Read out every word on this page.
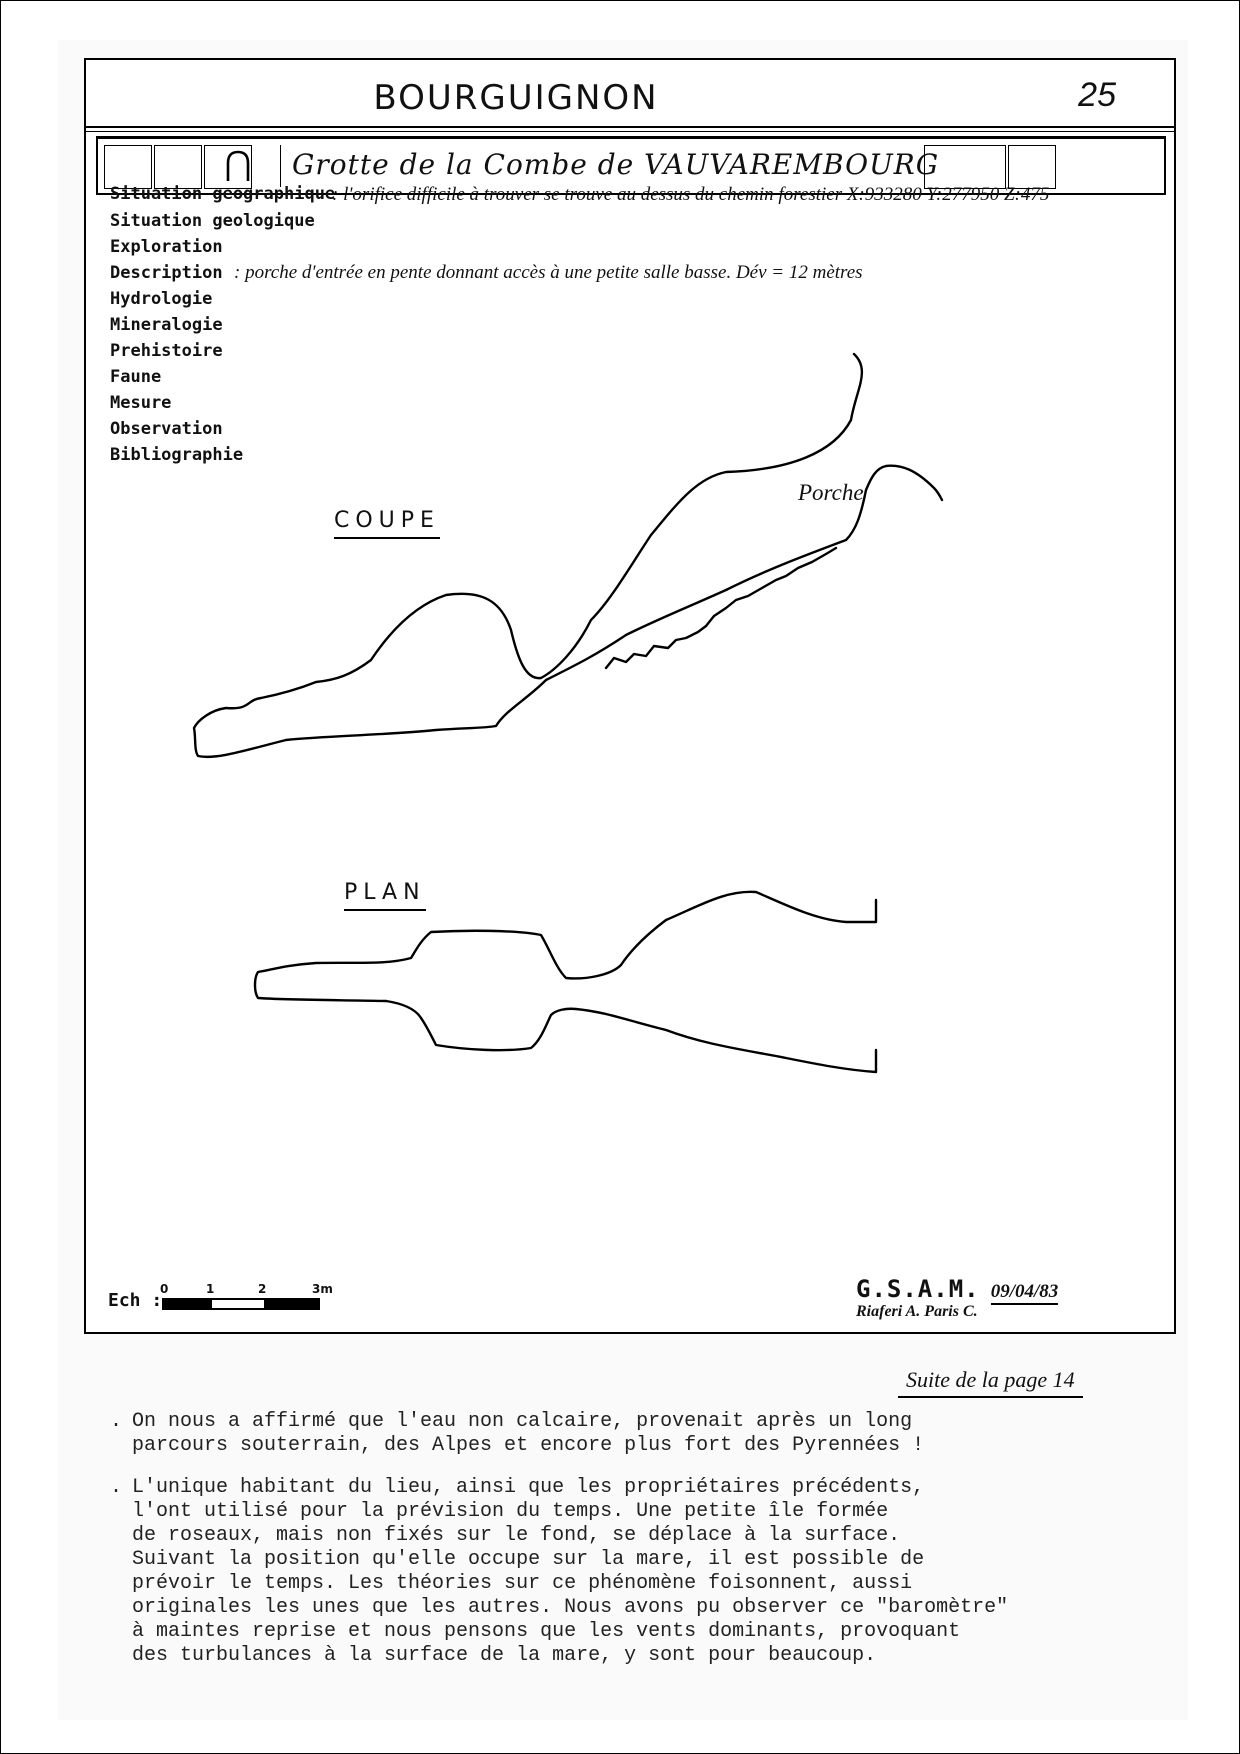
BOURGUIGNON	25
Grotte de la Combe de VAUVAREMBOURG
Situation geographique
: l'orifice difficile à trouver se trouve au dessus du chemin forestier X:933280 Y:277950 Z:475
Situation geologique
Exploration
Description : porche d'entrée en pente donnant accès à une petite salle basse. Dév = 12 mètres
Hydrologie
Mineralogie
Prehistoire
Faune
Mesure
Observation
Bibliographie
COUPE
PLAN
Porche
Ech :
0	1	2	3m	G.S.A.M. 09/04/83
Riaferi A. Paris C.
Suite de la page 14
. On nous a affirmé que l'eau non calcaire, provenait après un long
parcours souterrain, des Alpes et encore plus fort des Pyrennées !
. L'unique habitant du lieu, ainsi que les propriétaires précédents,
l'ont utilisé pour la prévision du temps. Une petite île formée
de roseaux, mais non fixés sur le fond, se déplace à la surface.
Suivant la position qu'elle occupe sur la mare, il est possible de
prévoir le temps. Les théories sur ce phénomène foisonnent, aussi
originales les unes que les autres. Nous avons pu observer ce "baromètre"
à maintes reprise et nous pensons que les vents dominants, provoquant
des turbulances à la surface de la mare, y sont pour beaucoup.
